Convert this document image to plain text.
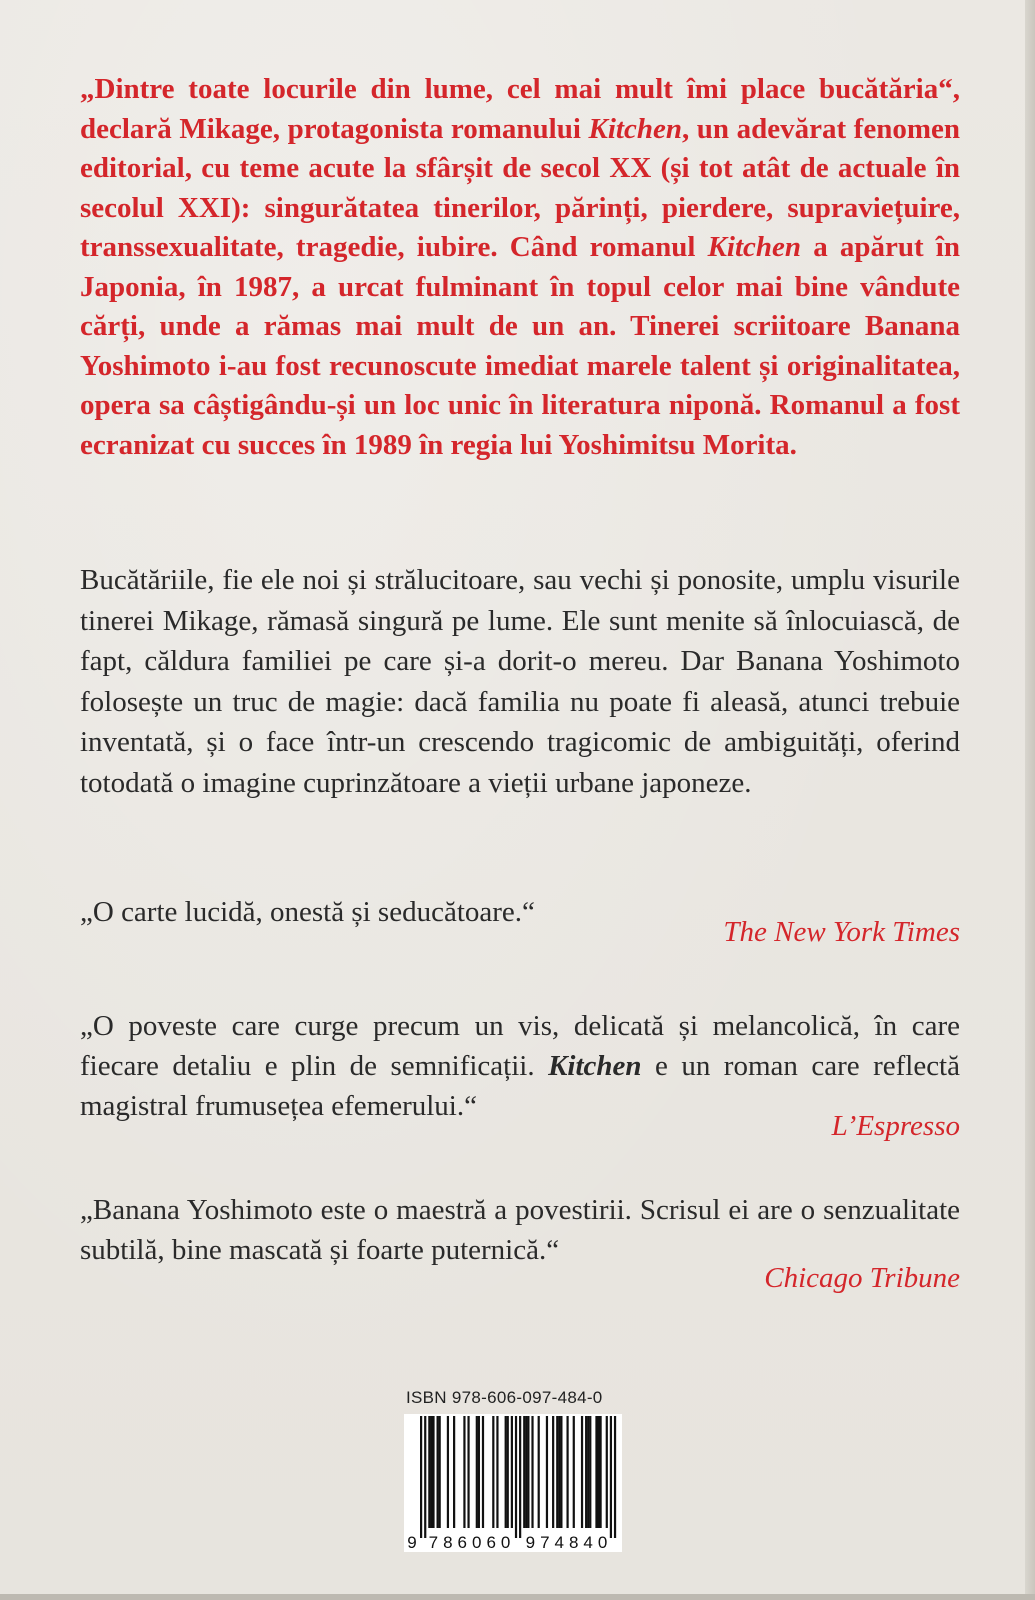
„Dintre toate locurile din lume, cel mai mult îmi place bucătăria“, declară Mikage, protagonista romanului Kitchen, un adevărat fenomen editorial, cu teme acute la sfârșit de secol XX (și tot atât de actuale în secolul XXI): singurătatea tinerilor, părinți, pierdere, supraviețuire, transsexualitate, tragedie, iubire. Când romanul Kitchen a apărut în Japonia, în 1987, a urcat fulminant în topul celor mai bine vândute cărți, unde a rămas mai mult de un an. Tinerei scriitoare Banana Yoshimoto i-au fost recunoscute imediat marele talent și originalitatea, opera sa câștigându-și un loc unic în literatura niponă. Romanul a fost ecranizat cu succes în 1989 în regia lui Yoshimitsu Morita.

Bucătăriile, fie ele noi și strălucitoare, sau vechi și ponosite, umplu visurile tinerei Mikage, rămasă singură pe lume. Ele sunt menite să înlocuiască, de fapt, căldura familiei pe care și-a dorit-o mereu. Dar Banana Yoshimoto folosește un truc de magie: dacă familia nu poate fi aleasă, atunci trebuie inventată, și o face într-un crescendo tragicomic de ambiguități, oferind totodată o imagine cuprinzătoare a vieții urbane japoneze.

„O carte lucidă, onestă și seducătoare.“

The New York Times

„O poveste care curge precum un vis, delicată și melancolică, în care fiecare detaliu e plin de semnificații. Kitchen e un roman care reflectă magistral frumusețea efemerului.“

L’Espresso

„Banana Yoshimoto este o maestră a povestirii. Scrisul ei are o senzualitate subtilă, bine mascată și foarte puternică.“

Chicago Tribune

ISBN 978-606-097-484-0

9 7 8 6 0 6 0 9 7 4 8 4 0
